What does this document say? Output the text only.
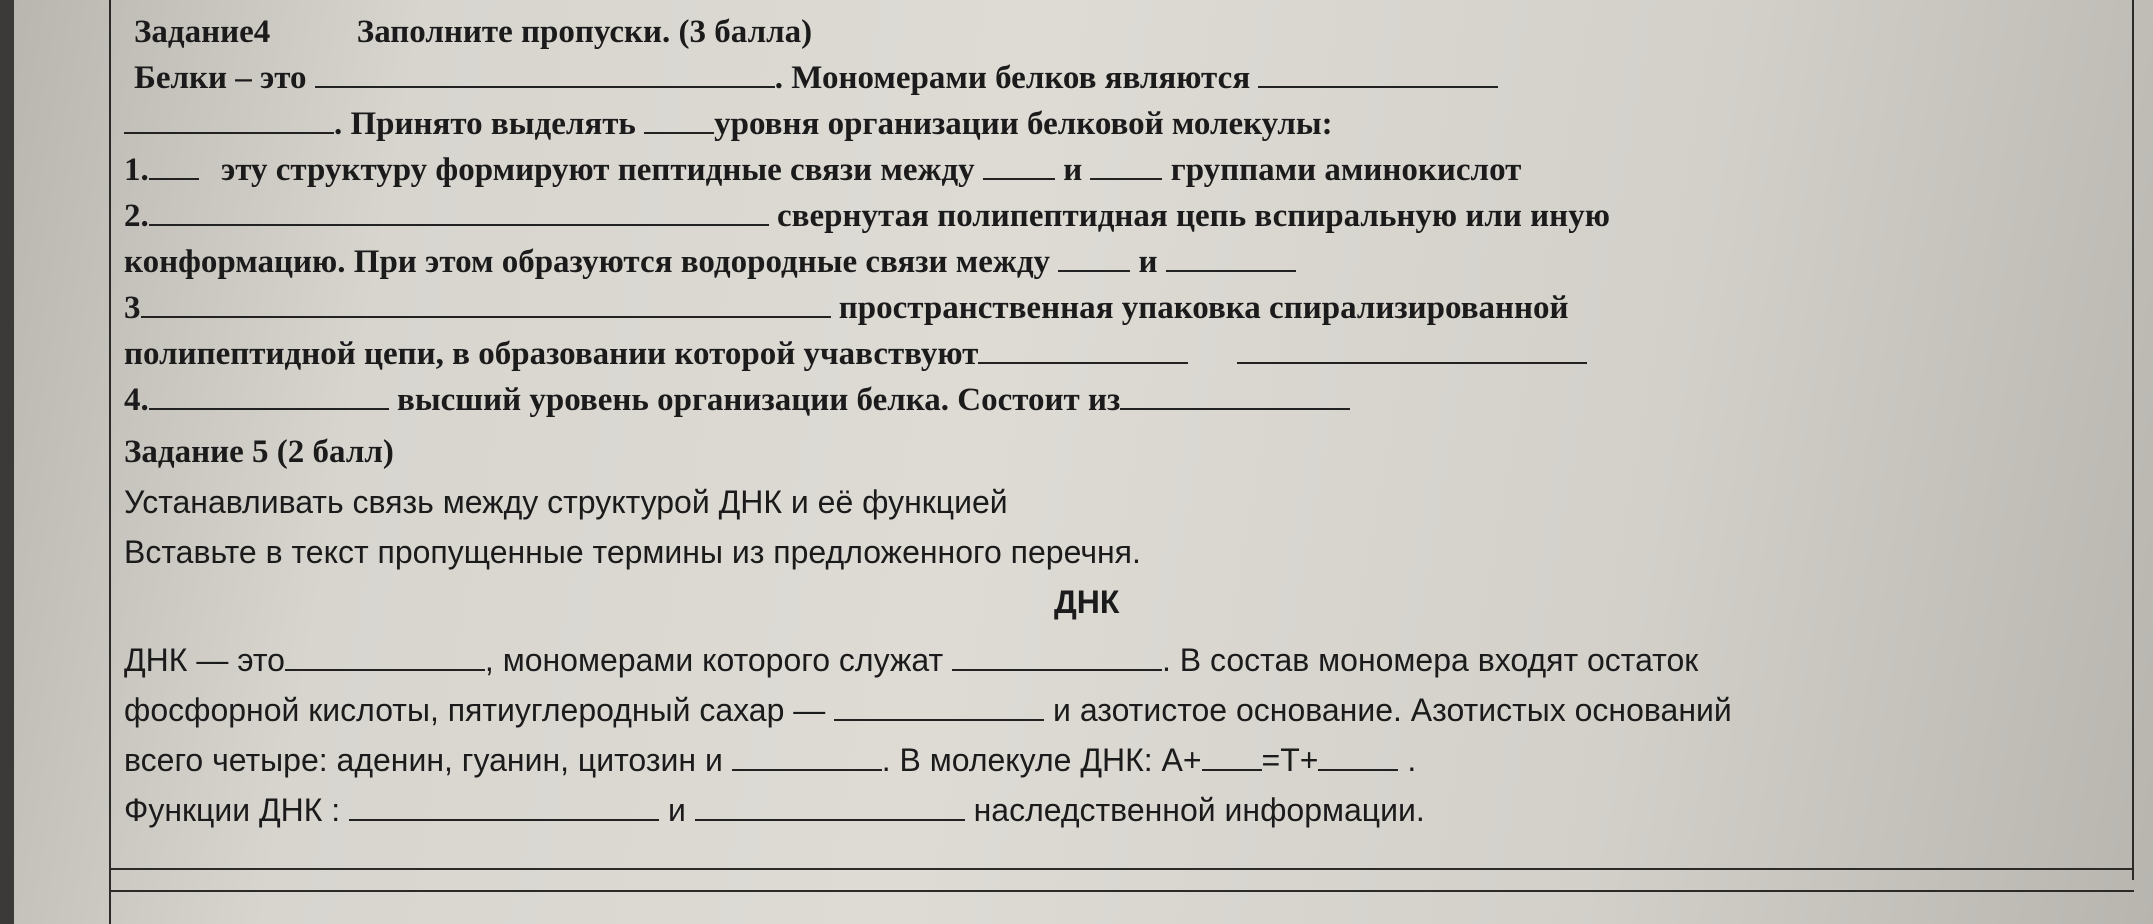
Задание4	Заполните пропуски. (3 балла)
Белки – это	. Мономерами белков являются
. Принято выделять уровня организации белковой молекулы:
1. эту структуру формируют пептидные связи между	и	группами аминокислот
2.	свернутая полипептидная цепь вспиральную или иную
конформацию. При этом образуются водородные связи между	и
3	пространственная упаковка спирализированной
полипептидной цепи, в образовании которой учавствуют
4.	высший уровень организации белка. Состоит из
Задание 5 (2 балл)
Устанавливать связь между структурой ДНК и её функцией
Вставьте в текст пропущенные термины из предложенного перечня.
ДНК
ДНК — это	, мономерами которого служат	. В состав мономера входят остаток
фосфорной кислоты, пятиуглеродный сахар —	и азотистое основание. Азотистых оснований
всего четыре: аденин, гуанин, цитозин и	. В молекуле ДНК: А+ =Т+	.
Функции ДНК :	и	наследственной информации.
